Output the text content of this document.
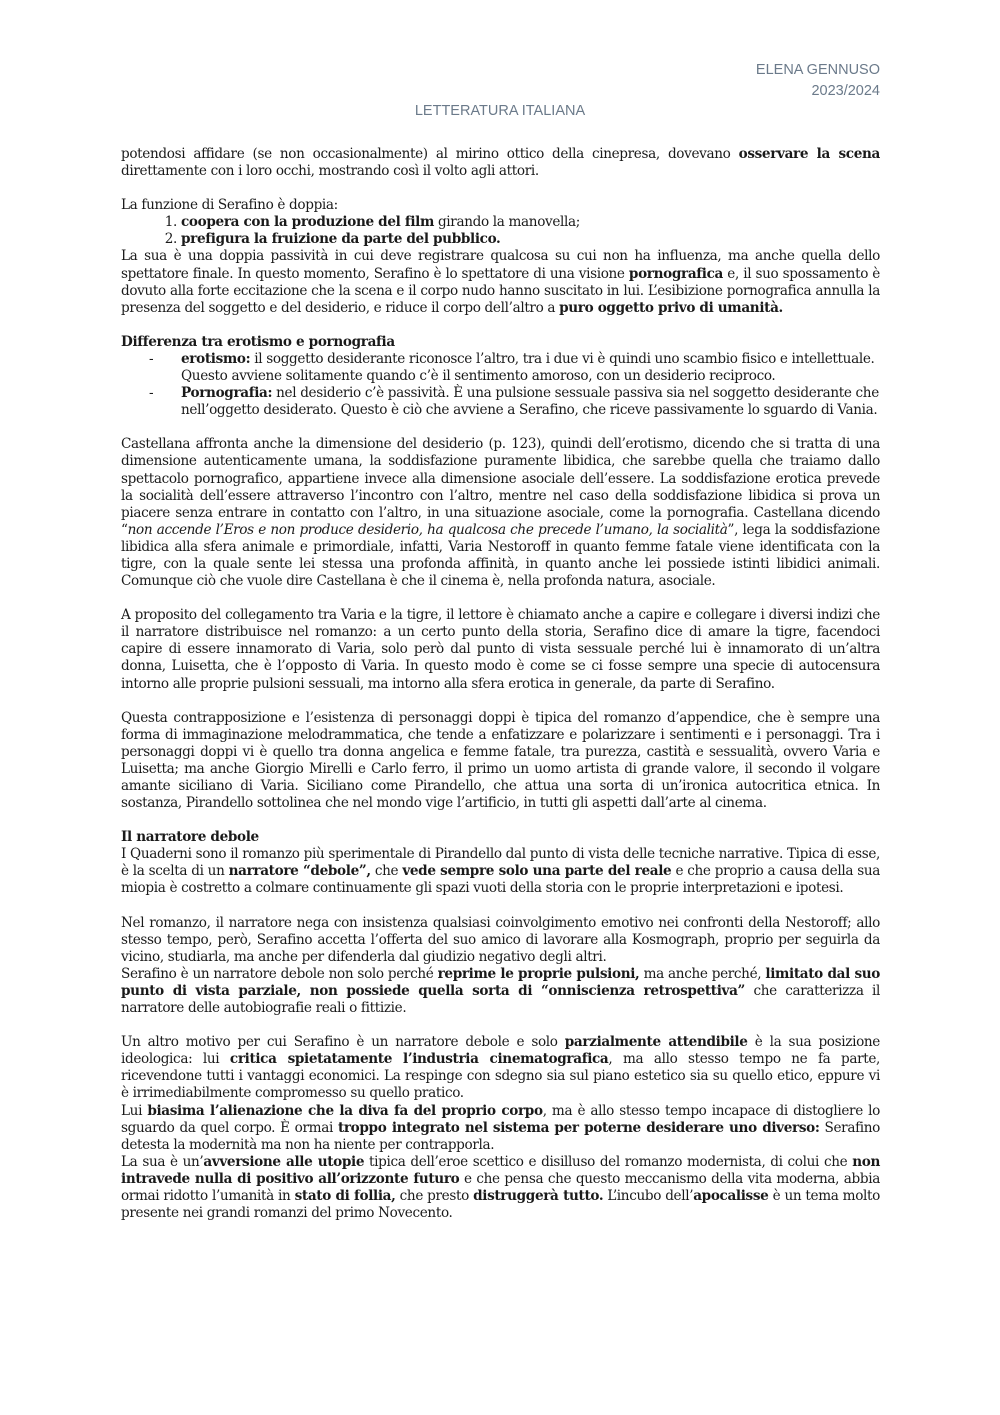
ELENA GENNUSO
2023/2024
LETTERATURA ITALIANA

potendosi affidare (se non occasionalmente) al mirino ottico della cinepresa, dovevano osservare la scena direttamente con i loro occhi, mostrando così il volto agli attori.

La funzione di Serafino è doppia:

1. coopera con la produzione del film girando la manovella;
2. prefigura la fruizione da parte del pubblico.

La sua è una doppia passività in cui deve registrare qualcosa su cui non ha influenza, ma anche quella dello spettatore finale. In questo momento, Serafino è lo spettatore di una visione pornografica e, il suo spossamento è dovuto alla forte eccitazione che la scena e il corpo nudo hanno suscitato in lui. L’esibizione pornografica annulla la presenza del soggetto e del desiderio, e riduce il corpo dell’altro a puro oggetto privo di umanità.

Differenza tra erotismo e pornografia

- erotismo: il soggetto desiderante riconosce l’altro, tra i due vi è quindi uno scambio fisico e intellettuale. Questo avviene solitamente quando c’è il sentimento amoroso, con un desiderio reciproco.
- Pornografia: nel desiderio c’è passività. È una pulsione sessuale passiva sia nel soggetto desiderante che nell’oggetto desiderato. Questo è ciò che avviene a Serafino, che riceve passivamente lo sguardo di Vania.

Castellana affronta anche la dimensione del desiderio (p. 123), quindi dell’erotismo, dicendo che si tratta di una dimensione autenticamente umana, la soddisfazione puramente libidica, che sarebbe quella che traiamo dallo spettacolo pornografico, appartiene invece alla dimensione asociale dell’essere. La soddisfazione erotica prevede la socialità dell’essere attraverso l’incontro con l’altro, mentre nel caso della soddisfazione libidica si prova un piacere senza entrare in contatto con l’altro, in una situazione asociale, come la pornografia. Castellana dicendo “non accende l’Eros e non produce desiderio, ha qualcosa che precede l’umano, la socialità”, lega la soddisfazione libidica alla sfera animale e primordiale, infatti, Varia Nestoroff in quanto femme fatale viene identificata con la tigre, con la quale sente lei stessa una profonda affinità, in quanto anche lei possiede istinti libidici animali. Comunque ciò che vuole dire Castellana è che il cinema è, nella profonda natura, asociale.

A proposito del collegamento tra Varia e la tigre, il lettore è chiamato anche a capire e collegare i diversi indizi che il narratore distribuisce nel romanzo: a un certo punto della storia, Serafino dice di amare la tigre, facendoci capire di essere innamorato di Varia, solo però dal punto di vista sessuale perché lui è innamorato di un’altra donna, Luisetta, che è l’opposto di Varia. In questo modo è come se ci fosse sempre una specie di autocensura intorno alle proprie pulsioni sessuali, ma intorno alla sfera erotica in generale, da parte di Serafino.

Questa contrapposizione e l’esistenza di personaggi doppi è tipica del romanzo d’appendice, che è sempre una forma di immaginazione melodrammatica, che tende a enfatizzare e polarizzare i sentimenti e i personaggi. Tra i personaggi doppi vi è quello tra donna angelica e femme fatale, tra purezza, castità e sessualità, ovvero Varia e Luisetta; ma anche Giorgio Mirelli e Carlo ferro, il primo un uomo artista di grande valore, il secondo il volgare amante siciliano di Varia. Siciliano come Pirandello, che attua una sorta di un’ironica autocritica etnica. In sostanza, Pirandello sottolinea che nel mondo vige l’artificio, in tutti gli aspetti dall’arte al cinema.

Il narratore debole

I Quaderni sono il romanzo più sperimentale di Pirandello dal punto di vista delle tecniche narrative. Tipica di esse, è la scelta di un narratore “debole”, che vede sempre solo una parte del reale e che proprio a causa della sua miopia è costretto a colmare continuamente gli spazi vuoti della storia con le proprie interpretazioni e ipotesi.

Nel romanzo, il narratore nega con insistenza qualsiasi coinvolgimento emotivo nei confronti della Nestoroff; allo stesso tempo, però, Serafino accetta l’offerta del suo amico di lavorare alla Kosmograph, proprio per seguirla da vicino, studiarla, ma anche per difenderla dal giudizio negativo degli altri.

Serafino è un narratore debole non solo perché reprime le proprie pulsioni, ma anche perché, limitato dal suo punto di vista parziale, non possiede quella sorta di “onniscienza retrospettiva” che caratterizza il narratore delle autobiografie reali o fittizie.

Un altro motivo per cui Serafino è un narratore debole e solo parzialmente attendibile è la sua posizione ideologica: lui critica spietatamente l’industria cinematografica, ma allo stesso tempo ne fa parte, ricevendone tutti i vantaggi economici. La respinge con sdegno sia sul piano estetico sia su quello etico, eppure vi è irrimediabilmente compromesso su quello pratico.

Lui biasima l’alienazione che la diva fa del proprio corpo, ma è allo stesso tempo incapace di distogliere lo sguardo da quel corpo. È ormai troppo integrato nel sistema per poterne desiderare uno diverso: Serafino detesta la modernità ma non ha niente per contrapporla.

La sua è un’avversione alle utopie tipica dell’eroe scettico e disilluso del romanzo modernista, di colui che non intravede nulla di positivo all’orizzonte futuro e che pensa che questo meccanismo della vita moderna, abbia ormai ridotto l’umanità in stato di follia, che presto distruggerà tutto. L’incubo dell’apocalisse è un tema molto presente nei grandi romanzi del primo Novecento.
